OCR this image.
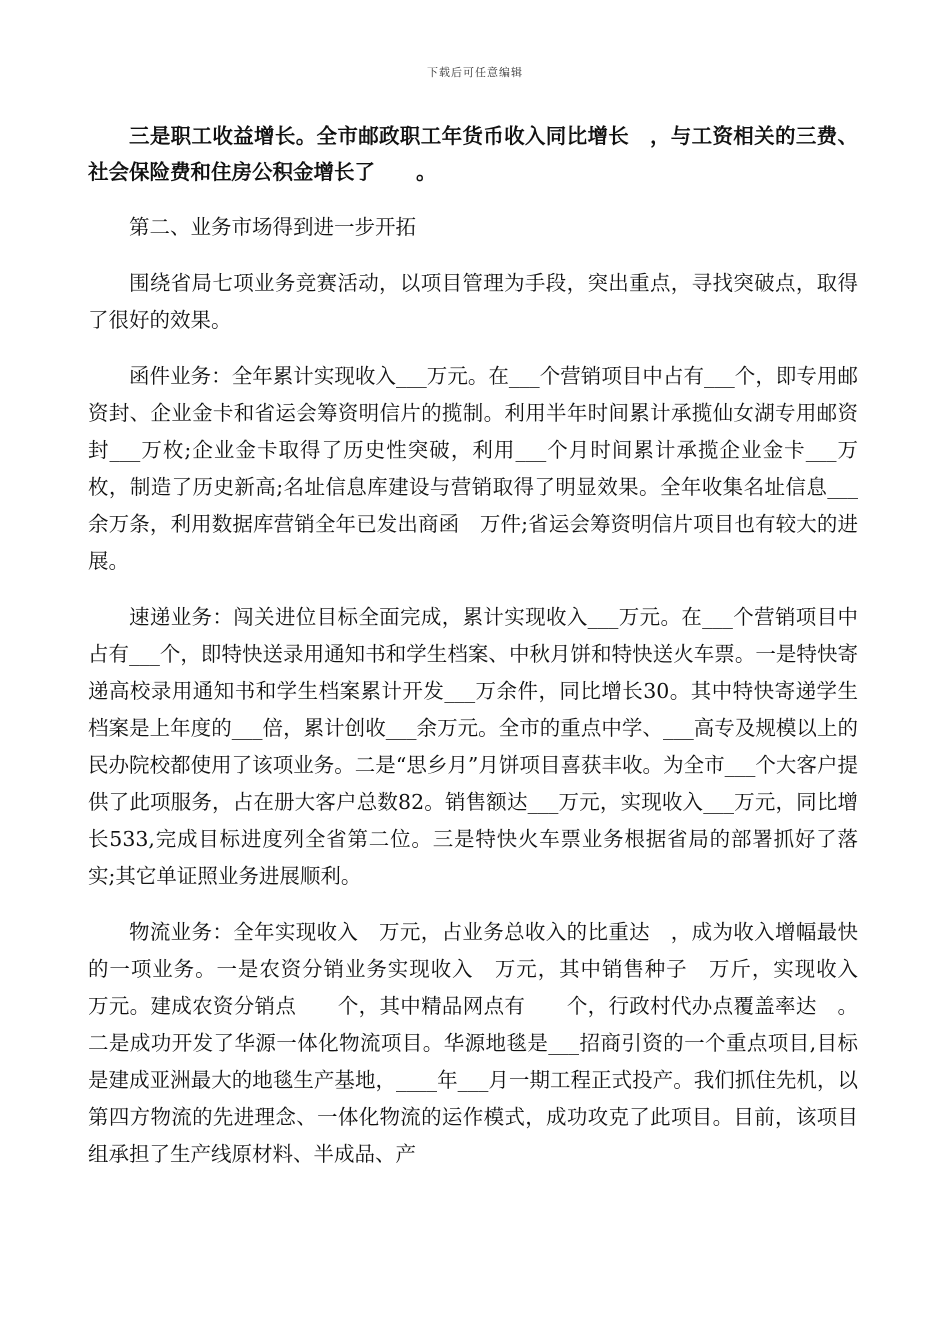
下载后可任意编辑

三是职工收益增长。全市邮政职工年货币收入同比增长　，与工资相关的三费、社会保险费和住房公积金增长了　　。

第二、业务市场得到进一步开拓

围绕省局七项业务竞赛活动，以项目管理为手段，突出重点，寻找突破点，取得了很好的效果。

函件业务：全年累计实现收入___万元。在___个营销项目中占有___个，即专用邮资封、企业金卡和省运会筹资明信片的揽制。利用半年时间累计承揽仙女湖专用邮资封___万枚;企业金卡取得了历史性突破，利用___个月时间累计承揽企业金卡___万枚，制造了历史新高;名址信息库建设与营销取得了明显效果。全年收集名址信息___余万条，利用数据库营销全年已发出商函　万件;省运会筹资明信片项目也有较大的进展。

速递业务：闯关进位目标全面完成，累计实现收入___万元。在___个营销项目中占有___个，即特快送录用通知书和学生档案、中秋月饼和特快送火车票。一是特快寄递高校录用通知书和学生档案累计开发___万余件，同比增长30。其中特快寄递学生档案是上年度的___倍，累计创收___余万元。全市的重点中学、___高专及规模以上的民办院校都使用了该项业务。二是“思乡月”月饼项目喜获丰收。为全市___个大客户提供了此项服务，占在册大客户总数82。销售额达___万元，实现收入___万元，同比增长533,完成目标进度列全省第二位。三是特快火车票业务根据省局的部署抓好了落实;其它单证照业务进展顺利。

物流业务：全年实现收入　万元，占业务总收入的比重达　，成为收入增幅最快的一项业务。一是农资分销业务实现收入　万元，其中销售种子　万斤，实现收入　　万元。建成农资分销点　　个，其中精品网点有　　个，行政村代办点覆盖率达　。二是成功开发了华源一体化物流项目。华源地毯是___招商引资的一个重点项目,目标是建成亚洲最大的地毯生产基地，____年___月一期工程正式投产。我们抓住先机，以第四方物流的先进理念、一体化物流的运作模式，成功攻克了此项目。目前，该项目组承担了生产线原材料、半成品、产
